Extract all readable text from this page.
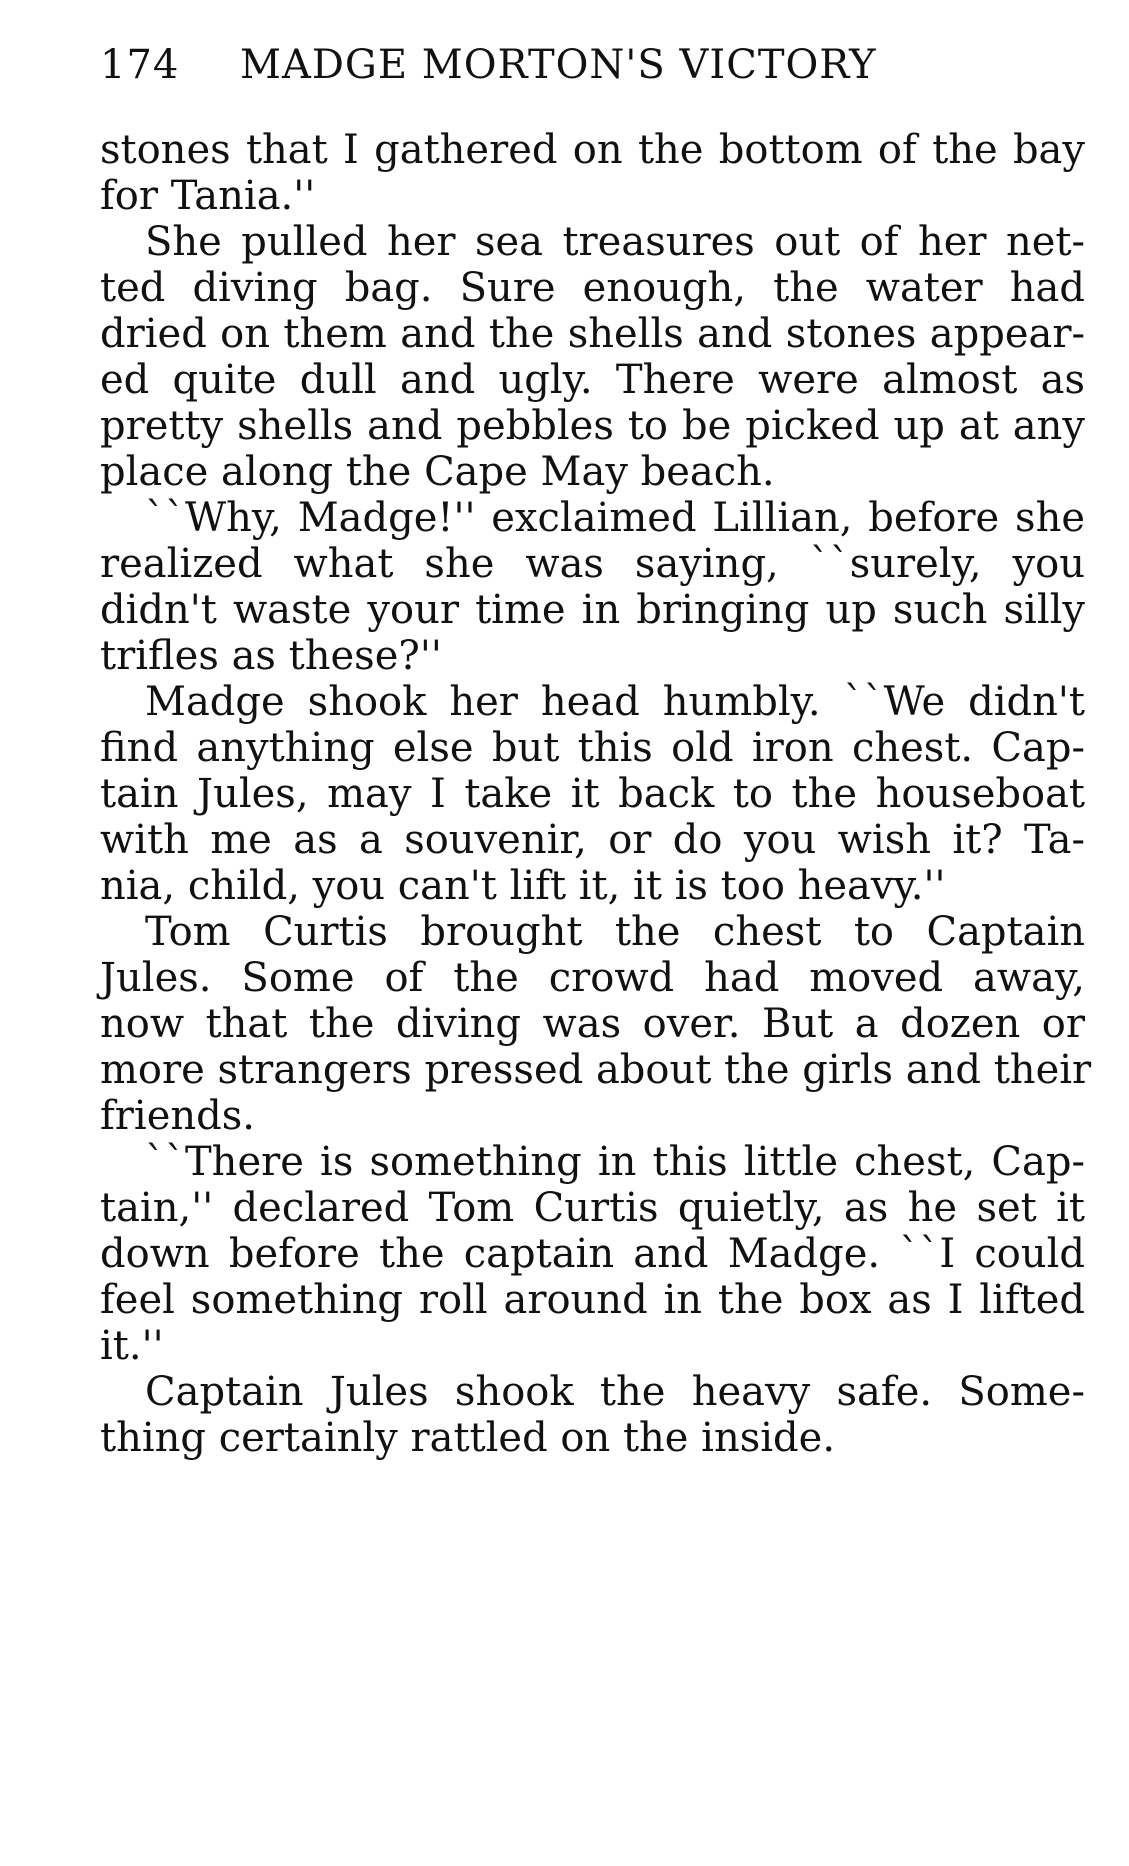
174 MADGE MORTON'S VICTORY
stones that I gathered on the bottom of the bay
for Tania.''
She pulled her sea treasures out of her net-
ted diving bag. Sure enough, the water had
dried on them and the shells and stones appear-
ed quite dull and ugly. There were almost as
pretty shells and pebbles to be picked up at any
place along the Cape May beach.
``Why, Madge!'' exclaimed Lillian, before she
realized what she was saying, ``surely, you
didn't waste your time in bringing up such silly
trifles as these?''
Madge shook her head humbly. ``We didn't
find anything else but this old iron chest. Cap-
tain Jules, may I take it back to the houseboat
with me as a souvenir, or do you wish it? Ta-
nia, child, you can't lift it, it is too heavy.''
Tom Curtis brought the chest to Captain
Jules. Some of the crowd had moved away,
now that the diving was over. But a dozen or
more strangers pressed about the girls and their
friends.
``There is something in this little chest, Cap-
tain,'' declared Tom Curtis quietly, as he set it
down before the captain and Madge. ``I could
feel something roll around in the box as I lifted
it.''
Captain Jules shook the heavy safe. Some-
thing certainly rattled on the inside.
